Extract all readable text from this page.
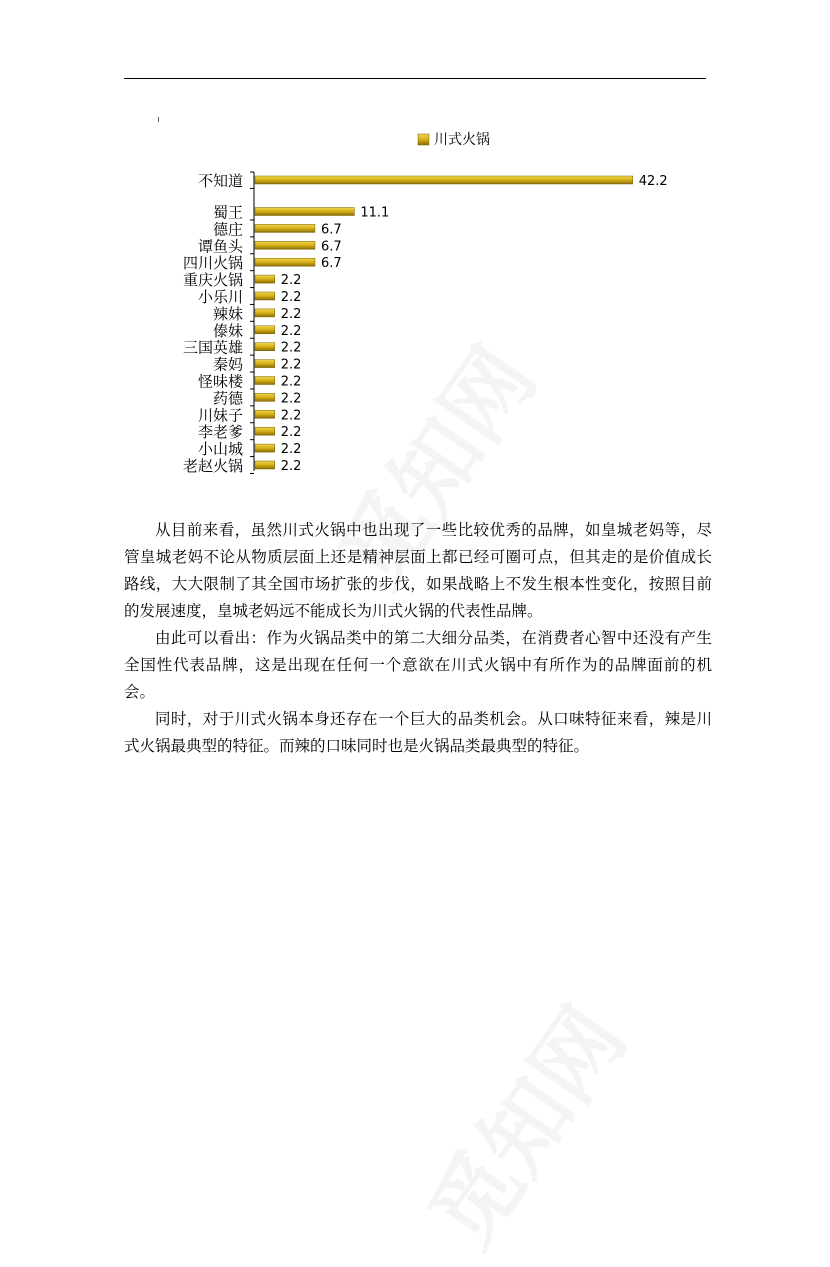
川式火锅
不知道	42.2
蜀王	11.1
德庄	6.7
谭鱼头	6.7
四川火锅	6.7
重庆火锅	2.2
小乐川	2.2
辣妹	2.2
傣妹	2.2
三国英雄	2.2
秦妈	2.2
怪味楼	2.2
药德	2.2
川妹子	2.2
李老爹	2.2
小山城	2.2
老赵火锅	2.2

从目前来看，虽然川式火锅中也出现了一些比较优秀的品牌，如皇城老妈等，尽管皇城老妈不论从物质层面上还是精神层面上都已经可圈可点，但其走的是价值成长路线，大大限制了其全国市场扩张的步伐，如果战略上不发生根本性变化，按照目前的发展速度，皇城老妈远不能成长为川式火锅的代表性品牌。

由此可以看出：作为火锅品类中的第二大细分品类，在消费者心智中还没有产生全国性代表品牌，这是出现在任何一个意欲在川式火锅中有所作为的品牌面前的机会。

同时，对于川式火锅本身还存在一个巨大的品类机会。从口味特征来看，辣是川式火锅最典型的特征。而辣的口味同时也是火锅品类最典型的特征。
